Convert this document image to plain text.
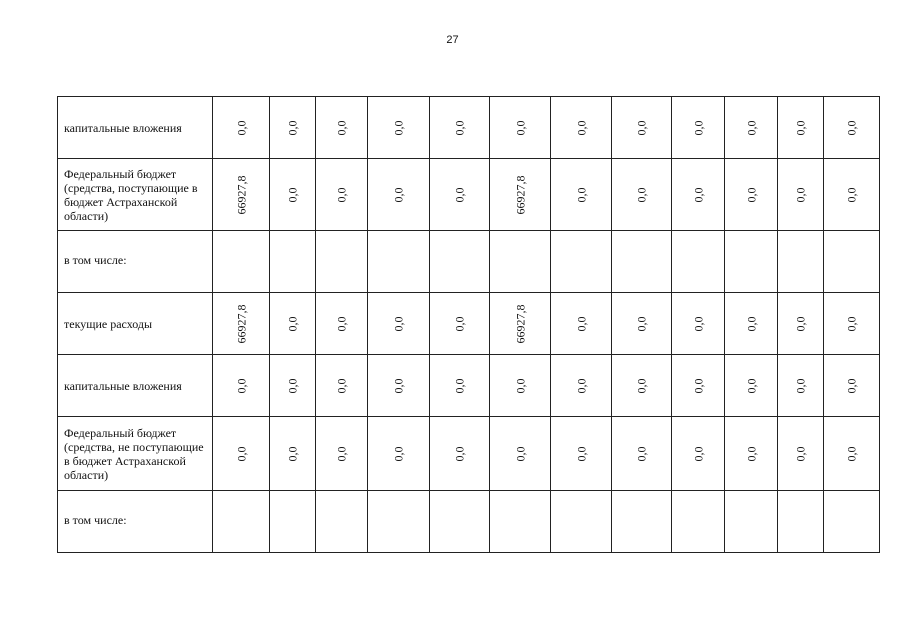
27
капитальные вложения	0,0	0,0	0,0	0,0	0,0	0,0	0,0	0,0	0,0	0,0	0,0	0,0

Федеральный бюджет (средства, поступающие в бюджет Астраханской области)	66927,8	0,0	0,0	0,0	0,0	66927,8	0,0	0,0	0,0	0,0	0,0	0,0

в том числе:												

текущие расходы	66927,8	0,0	0,0	0,0	0,0	66927,8	0,0	0,0	0,0	0,0	0,0	0,0

капитальные вложения	0,0	0,0	0,0	0,0	0,0	0,0	0,0	0,0	0,0	0,0	0,0	0,0

Федеральный бюджет (средства, не поступающие в бюджет Астраханской области)	0,0	0,0	0,0	0,0	0,0	0,0	0,0	0,0	0,0	0,0	0,0	0,0

в том числе:												
